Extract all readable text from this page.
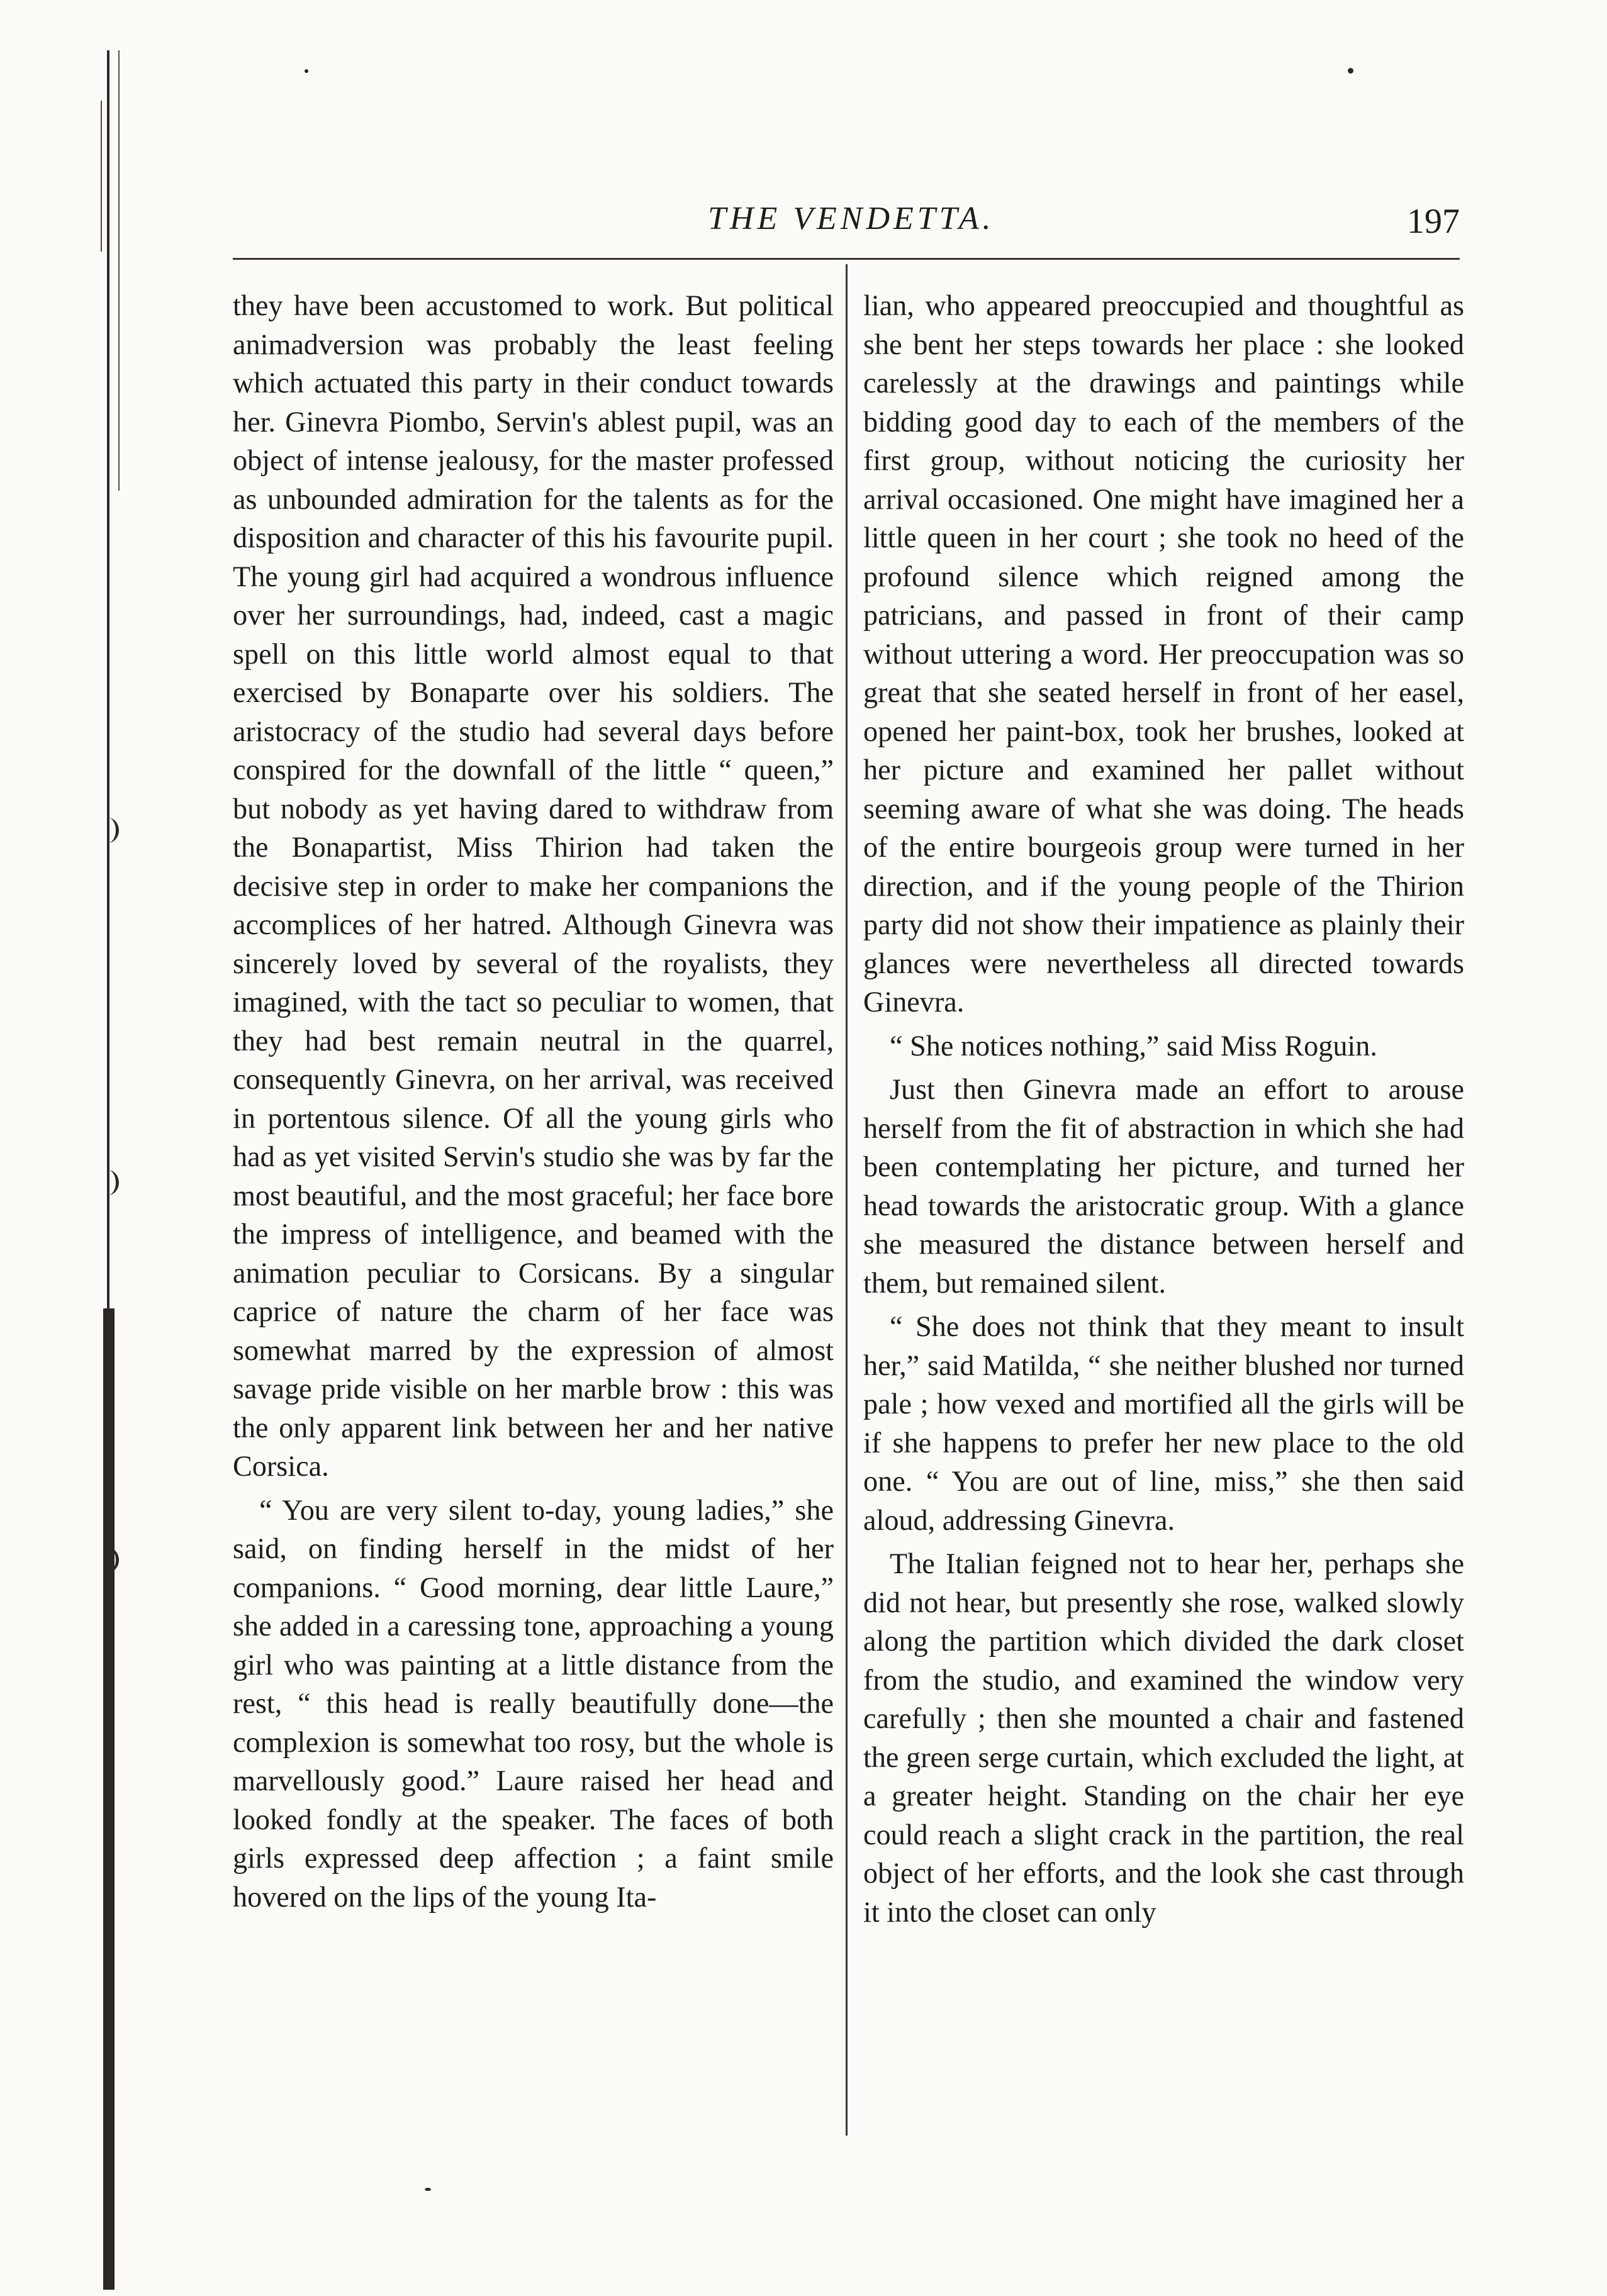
THE VENDETTA.	197

they have been accustomed to work. But political animadversion was probably the least feeling which actuated this party in their conduct towards her. Ginevra Piombo, Servin's ablest pupil, was an object of intense jealousy, for the master professed as unbounded admiration for the talents as for the disposition and character of this his favourite pupil. The young girl had acquired a wondrous influence over her surroundings, had, indeed, cast a magic spell on this little world almost equal to that exercised by Bonaparte over his soldiers. The aristocracy of the studio had several days before conspired for the downfall of the little “ queen,” but nobody as yet having dared to withdraw from the Bonapartist, Miss Thirion had taken the decisive step in order to make her companions the accomplices of her hatred. Although Ginevra was sincerely loved by several of the royalists, they imagined, with the tact so peculiar to women, that they had best remain neutral in the quarrel, consequently Ginevra, on her arrival, was received in portentous silence. Of all the young girls who had as yet visited Servin's studio she was by far the most beautiful, and the most graceful; her face bore the impress of intelligence, and beamed with the animation peculiar to Corsicans. By a singular caprice of nature the charm of her face was somewhat marred by the expression of almost savage pride visible on her marble brow : this was the only apparent link between her and her native Corsica.

“ You are very silent to-day, young ladies,” she said, on finding herself in the midst of her companions. “ Good morning, dear little Laure,” she added in a caressing tone, approaching a young girl who was painting at a little distance from the rest, “ this head is really beautifully done—the complexion is somewhat too rosy, but the whole is marvellously good.” Laure raised her head and looked fondly at the speaker. The faces of both girls expressed deep affection ; a faint smile hovered on the lips of the young Ita-

lian, who appeared preoccupied and thoughtful as she bent her steps towards her place : she looked carelessly at the drawings and paintings while bidding good day to each of the members of the first group, without noticing the curiosity her arrival occasioned. One might have imagined her a little queen in her court ; she took no heed of the profound silence which reigned among the patricians, and passed in front of their camp without uttering a word. Her preoccupation was so great that she seated herself in front of her easel, opened her paint-box, took her brushes, looked at her picture and examined her pallet without seeming aware of what she was doing. The heads of the entire bourgeois group were turned in her direction, and if the young people of the Thirion party did not show their impatience as plainly their glances were nevertheless all directed towards Ginevra.

“ She notices nothing,” said Miss Roguin.

Just then Ginevra made an effort to arouse herself from the fit of abstraction in which she had been contemplating her picture, and turned her head towards the aristocratic group. With a glance she measured the distance between herself and them, but remained silent.

“ She does not think that they meant to insult her,” said Matilda, “ she neither blushed nor turned pale ; how vexed and mortified all the girls will be if she happens to prefer her new place to the old one. “ You are out of line, miss,” she then said aloud, addressing Ginevra.

The Italian feigned not to hear her, perhaps she did not hear, but presently she rose, walked slowly along the partition which divided the dark closet from the studio, and examined the window very carefully ; then she mounted a chair and fastened the green serge curtain, which excluded the light, at a greater height. Standing on the chair her eye could reach a slight crack in the partition, the real object of her efforts, and the look she cast through it into the closet can only
